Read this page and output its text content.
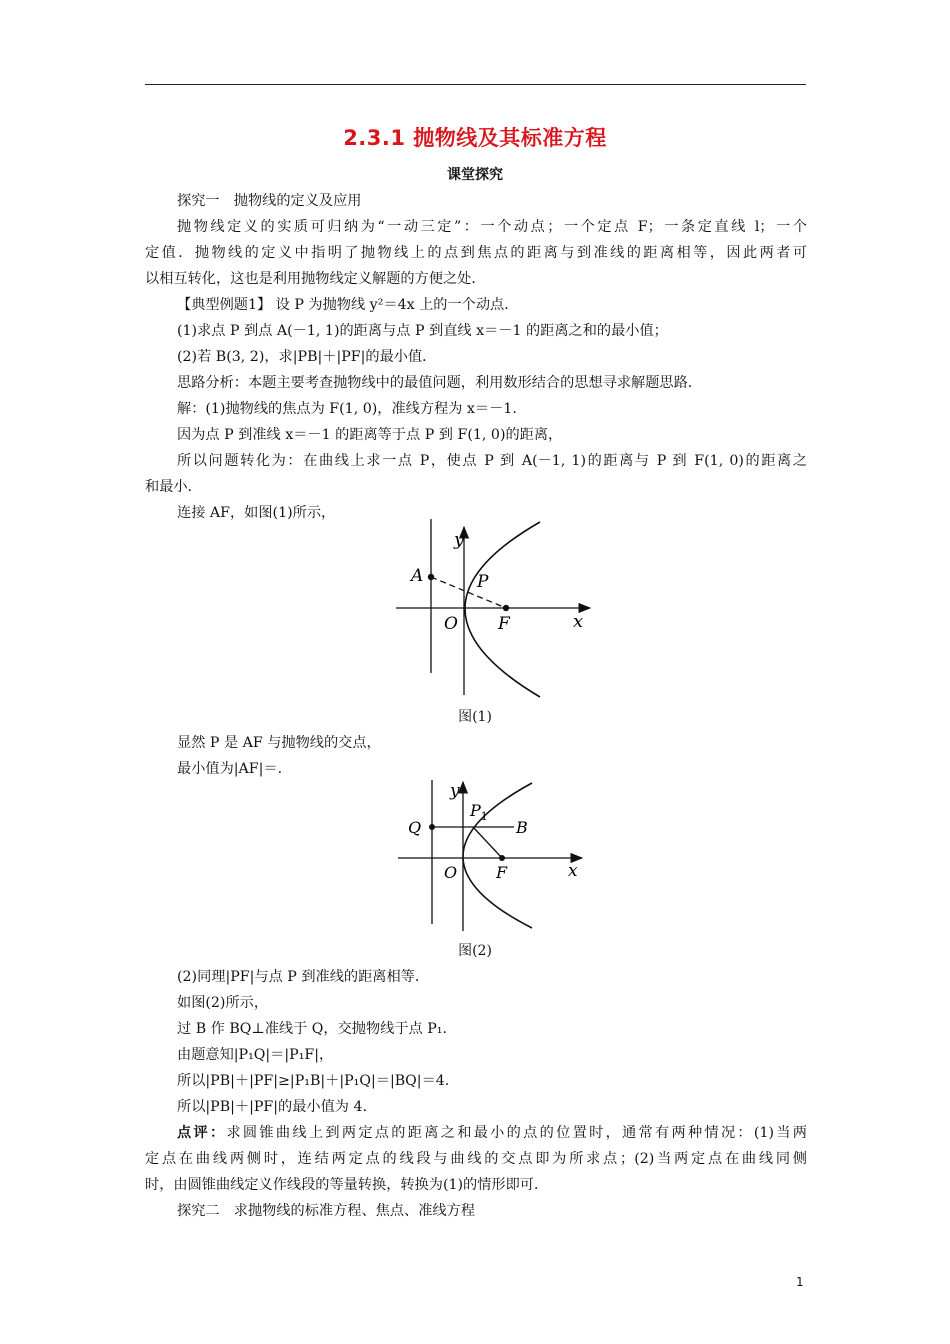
2.3.1 抛物线及其标准方程
课堂探究
探究一　抛物线的定义及应用
抛物线定义的实质可归纳为“一动三定”：一个动点；一个定点 F；一条定直线 l；一个
定值．抛物线的定义中指明了抛物线上的点到焦点的距离与到准线的距离相等，因此两者可
以相互转化，这也是利用抛物线定义解题的方便之处．
【典型例题1】 设 P 为抛物线 y²＝4x 上的一个动点．
(1)求点 P 到点 A(－1, 1)的距离与点 P 到直线 x＝－1 的距离之和的最小值；
(2)若 B(3, 2)，求|PB|＋|PF|的最小值．
思路分析：本题主要考查抛物线中的最值问题，利用数形结合的思想寻求解题思路．
解：(1)抛物线的焦点为 F(1, 0)，准线方程为 x＝－1.
因为点 P 到准线 x＝－1 的距离等于点 P 到 F(1, 0)的距离，
所以问题转化为：在曲线上求一点 P，使点 P 到 A(－1, 1)的距离与 P 到 F(1, 0)的距离之
和最小．
连接 AF，如图(1)所示，
y
x
O
A	P
F
图(1)
显然 P 是 AF 与抛物线的交点，
最小值为|AF|＝.
y
x
O
Q
$P_1$
B
F
图(2)
(2)同理|PF|与点 P 到准线的距离相等．
如图(2)所示，
过 B 作 BQ⊥准线于 Q，交抛物线于点 P₁.
由题意知|P₁Q|＝|P₁F|，
所以|PB|＋|PF|≥|P₁B|＋|P₁Q|＝|BQ|＝4.
所以|PB|＋|PF|的最小值为 4.
点评：求圆锥曲线上到两定点的距离之和最小的点的位置时，通常有两种情况：(1)当两
定点在曲线两侧时，连结两定点的线段与曲线的交点即为所求点；(2)当两定点在曲线同侧
时，由圆锥曲线定义作线段的等量转换，转换为(1)的情形即可．
探究二　求抛物线的标准方程、焦点、准线方程
1
